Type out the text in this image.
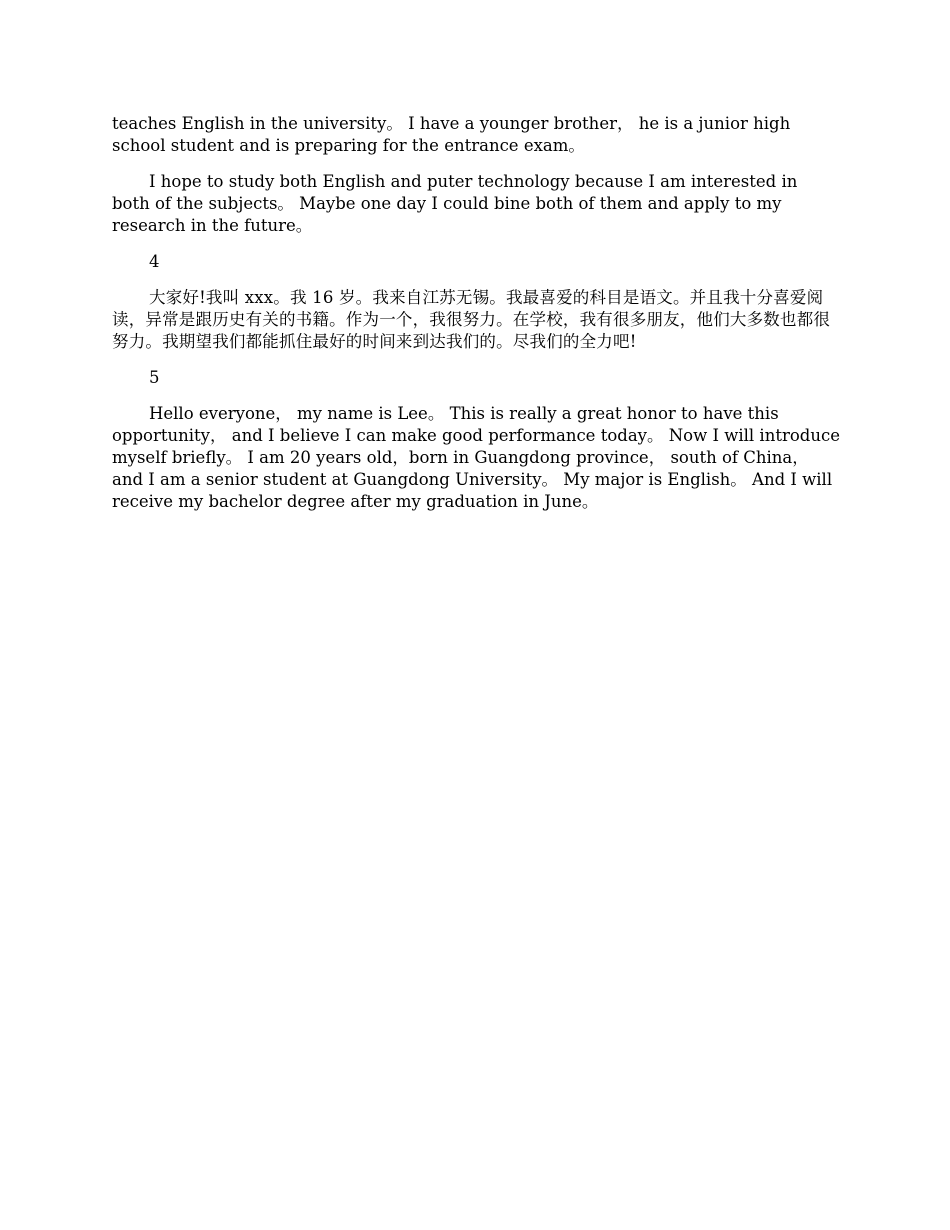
teaches English in the university。 I have a younger brother， he is a junior high school student and is preparing for the entrance exam。

I hope to study both English and puter technology because I am interested in both of the subjects。 Maybe one day I could bine both of them and apply to my research in the future。

4

大家好!我叫 xxx。我 16 岁。我来自江苏无锡。我最喜爱的科目是语文。并且我十分喜爱阅读，异常是跟历史有关的书籍。作为一个，我很努力。在学校，我有很多朋友，他们大多数也都很努力。我期望我们都能抓住最好的时间来到达我们的。尽我们的全力吧!

5

Hello everyone， my name is Lee。 This is really a great honor to have this opportunity， and I believe I can make good performance today。 Now I will introduce myself briefly。 I am 20 years old，born in Guangdong province， south of China， and I am a senior student at Guangdong University。 My major is English。 And I will receive my bachelor degree after my graduation in June。
